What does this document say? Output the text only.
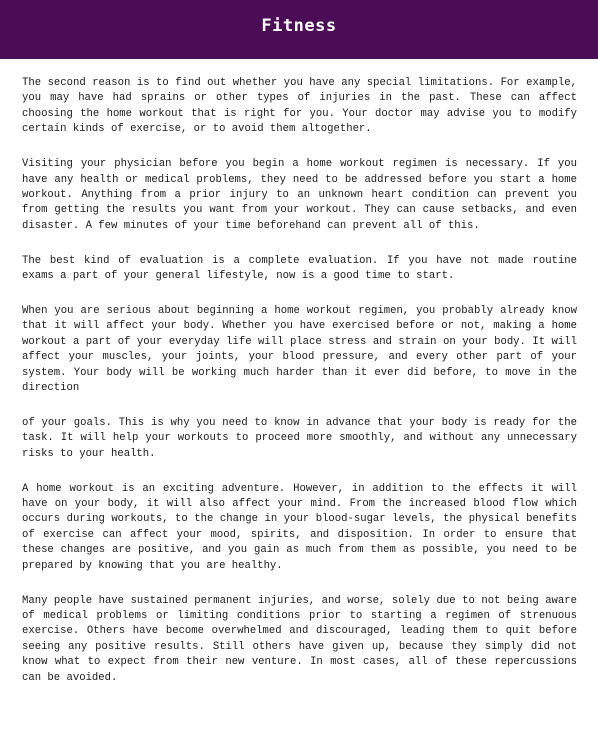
Fitness

The second reason is to find out whether you have any special limitations. For example, you may have had sprains or other types of injuries in the past. These can affect choosing the home workout that is right for you. Your doctor may advise you to modify certain kinds of exercise, or to avoid them altogether.

Visiting your physician before you begin a home workout regimen is necessary. If you have any health or medical problems, they need to be addressed before you start a home workout. Anything from a prior injury to an unknown heart condition can prevent you from getting the results you want from your workout. They can cause setbacks, and even disaster. A few minutes of your time beforehand can prevent all of this.

The best kind of evaluation is a complete evaluation. If you have not made routine exams a part of your general lifestyle, now is a good time to start.

When you are serious about beginning a home workout regimen, you probably already know that it will affect your body. Whether you have exercised before or not, making a home workout a part of your everyday life will place stress and strain on your body. It will affect your muscles, your joints, your blood pressure, and every other part of your system. Your body will be working much harder than it ever did before, to move in the direction

of your goals. This is why you need to know in advance that your body is ready for the task. It will help your workouts to proceed more smoothly, and without any unnecessary risks to your health.

A home workout is an exciting adventure. However, in addition to the effects it will have on your body, it will also affect your mind. From the increased blood flow which occurs during workouts, to the change in your blood-sugar levels, the physical benefits of exercise can affect your mood, spirits, and disposition. In order to ensure that these changes are positive, and you gain as much from them as possible, you need to be prepared by knowing that you are healthy.

Many people have sustained permanent injuries, and worse, solely due to not being aware of medical problems or limiting conditions prior to starting a regimen of strenuous exercise. Others have become overwhelmed and discouraged, leading them to quit before seeing any positive results. Still others have given up, because they simply did not know what to expect from their new venture. In most cases, all of these repercussions can be avoided.
